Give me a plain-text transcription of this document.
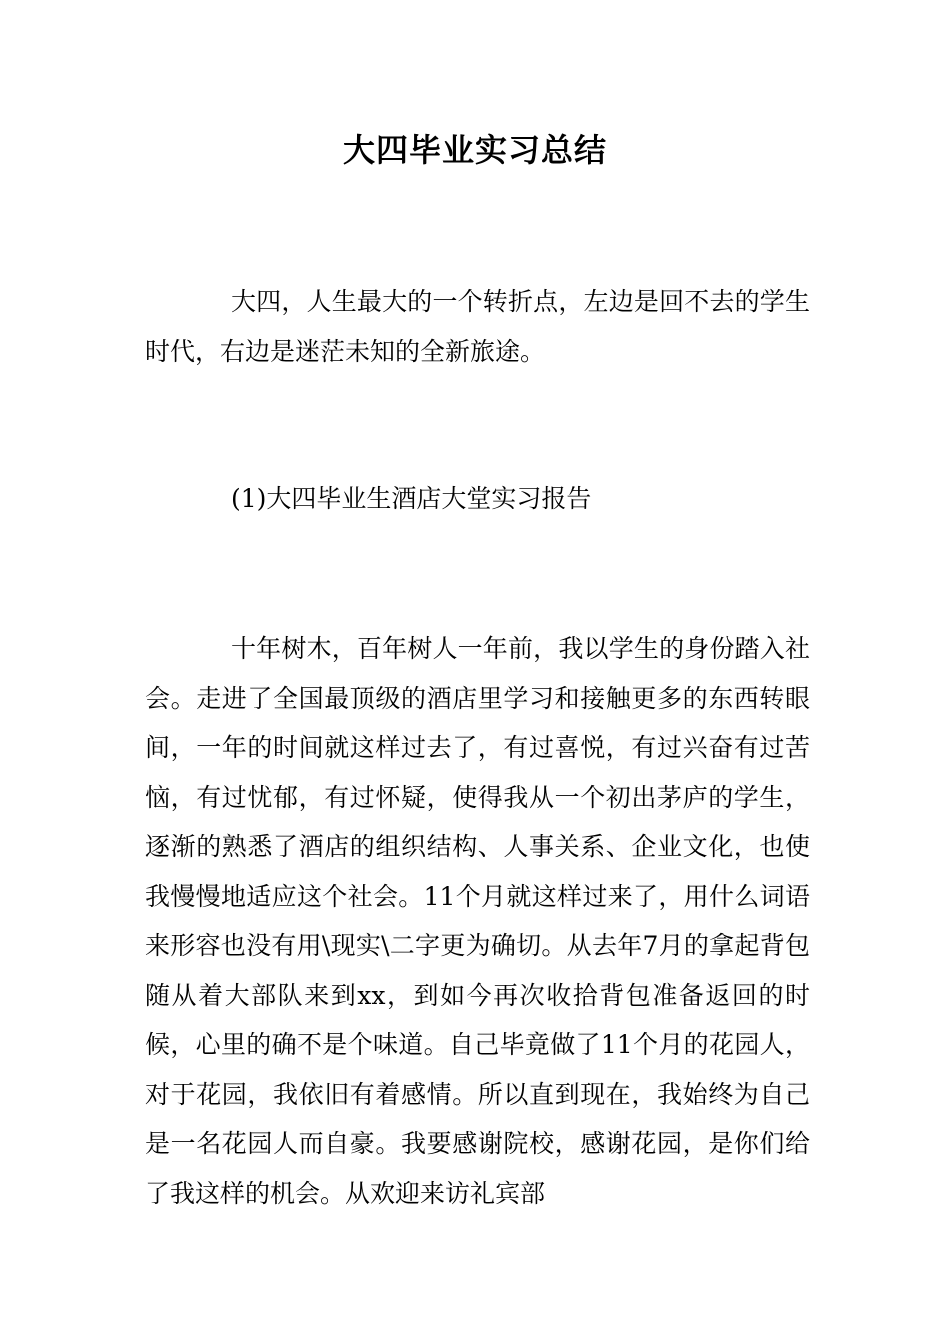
大四毕业实习总结

大四，人生最大的一个转折点，左边是回不去的学生时代，右边是迷茫未知的全新旅途。

(1)大四毕业生酒店大堂实习报告

十年树木，百年树人一年前，我以学生的身份踏入社会。走进了全国最顶级的酒店里学习和接触更多的东西转眼间，一年的时间就这样过去了，有过喜悦，有过兴奋有过苦恼，有过忧郁，有过怀疑，使得我从一个初出茅庐的学生，逐渐的熟悉了酒店的组织结构、人事关系、企业文化，也使我慢慢地适应这个社会。11个月就这样过来了，用什么词语来形容也没有用\现实\二字更为确切。从去年7月的拿起背包随从着大部队来到xx，到如今再次收拾背包准备返回的时候，心里的确不是个味道。自己毕竟做了11个月的花园人，对于花园，我依旧有着感情。所以直到现在，我始终为自己是一名花园人而自豪。我要感谢院校，感谢花园，是你们给了我这样的机会。从欢迎来访礼宾部
